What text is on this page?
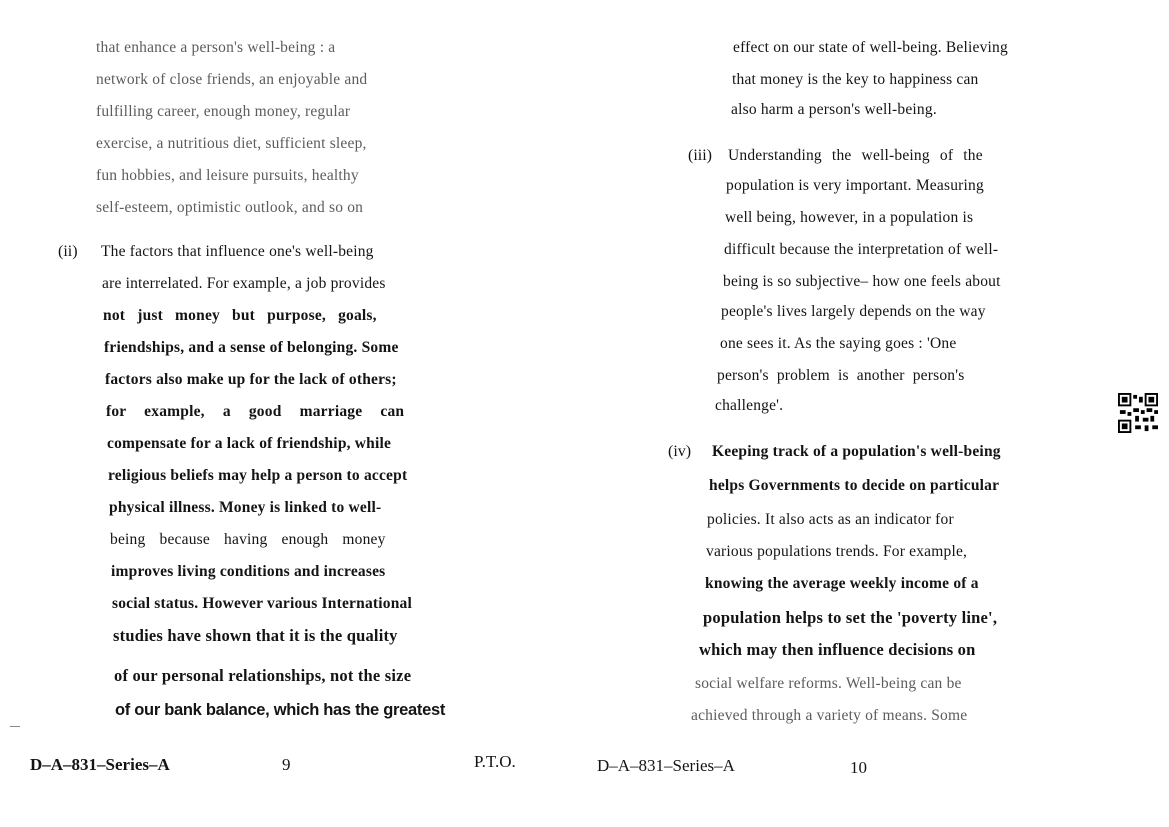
that enhance a person's well-being : a
network of close friends, an enjoyable and
fulfilling career, enough money, regular
exercise, a nutritious diet, sufficient sleep,
fun hobbies, and leisure pursuits, healthy
self-esteem, optimistic outlook, and so on
(ii) The factors that influence one's well-being
are interrelated. For example, a job provides
not just money but purpose, goals,
friendships, and a sense of belonging. Some
factors also make up for the lack of others;
for example, a good marriage can
compensate for a lack of friendship, while
religious beliefs may help a person to accept
physical illness. Money is linked to well-
being because having enough money
improves living conditions and increases
social status. However various International
studies have shown that it is the quality
of our personal relationships, not the size
of our bank balance, which has the greatest
D–A–831–Series–A	9	P.T.O.
effect on our state of well-being. Believing
that money is the key to happiness can
also harm a person's well-being.
(iii) Understanding the well-being of the
population is very important. Measuring
well being, however, in a population is
difficult because the interpretation of well-
being is so subjective– how one feels about
people's lives largely depends on the way
one sees it. As the saying goes : 'One
person's problem is another person's
challenge'.
(iv) Keeping track of a population's well-being
helps Governments to decide on particular
policies. It also acts as an indicator for
various populations trends. For example,
knowing the average weekly income of a
population helps to set the 'poverty line',
which may then influence decisions on
social welfare reforms. Well-being can be
achieved through a variety of means. Some
D–A–831–Series–A	10
